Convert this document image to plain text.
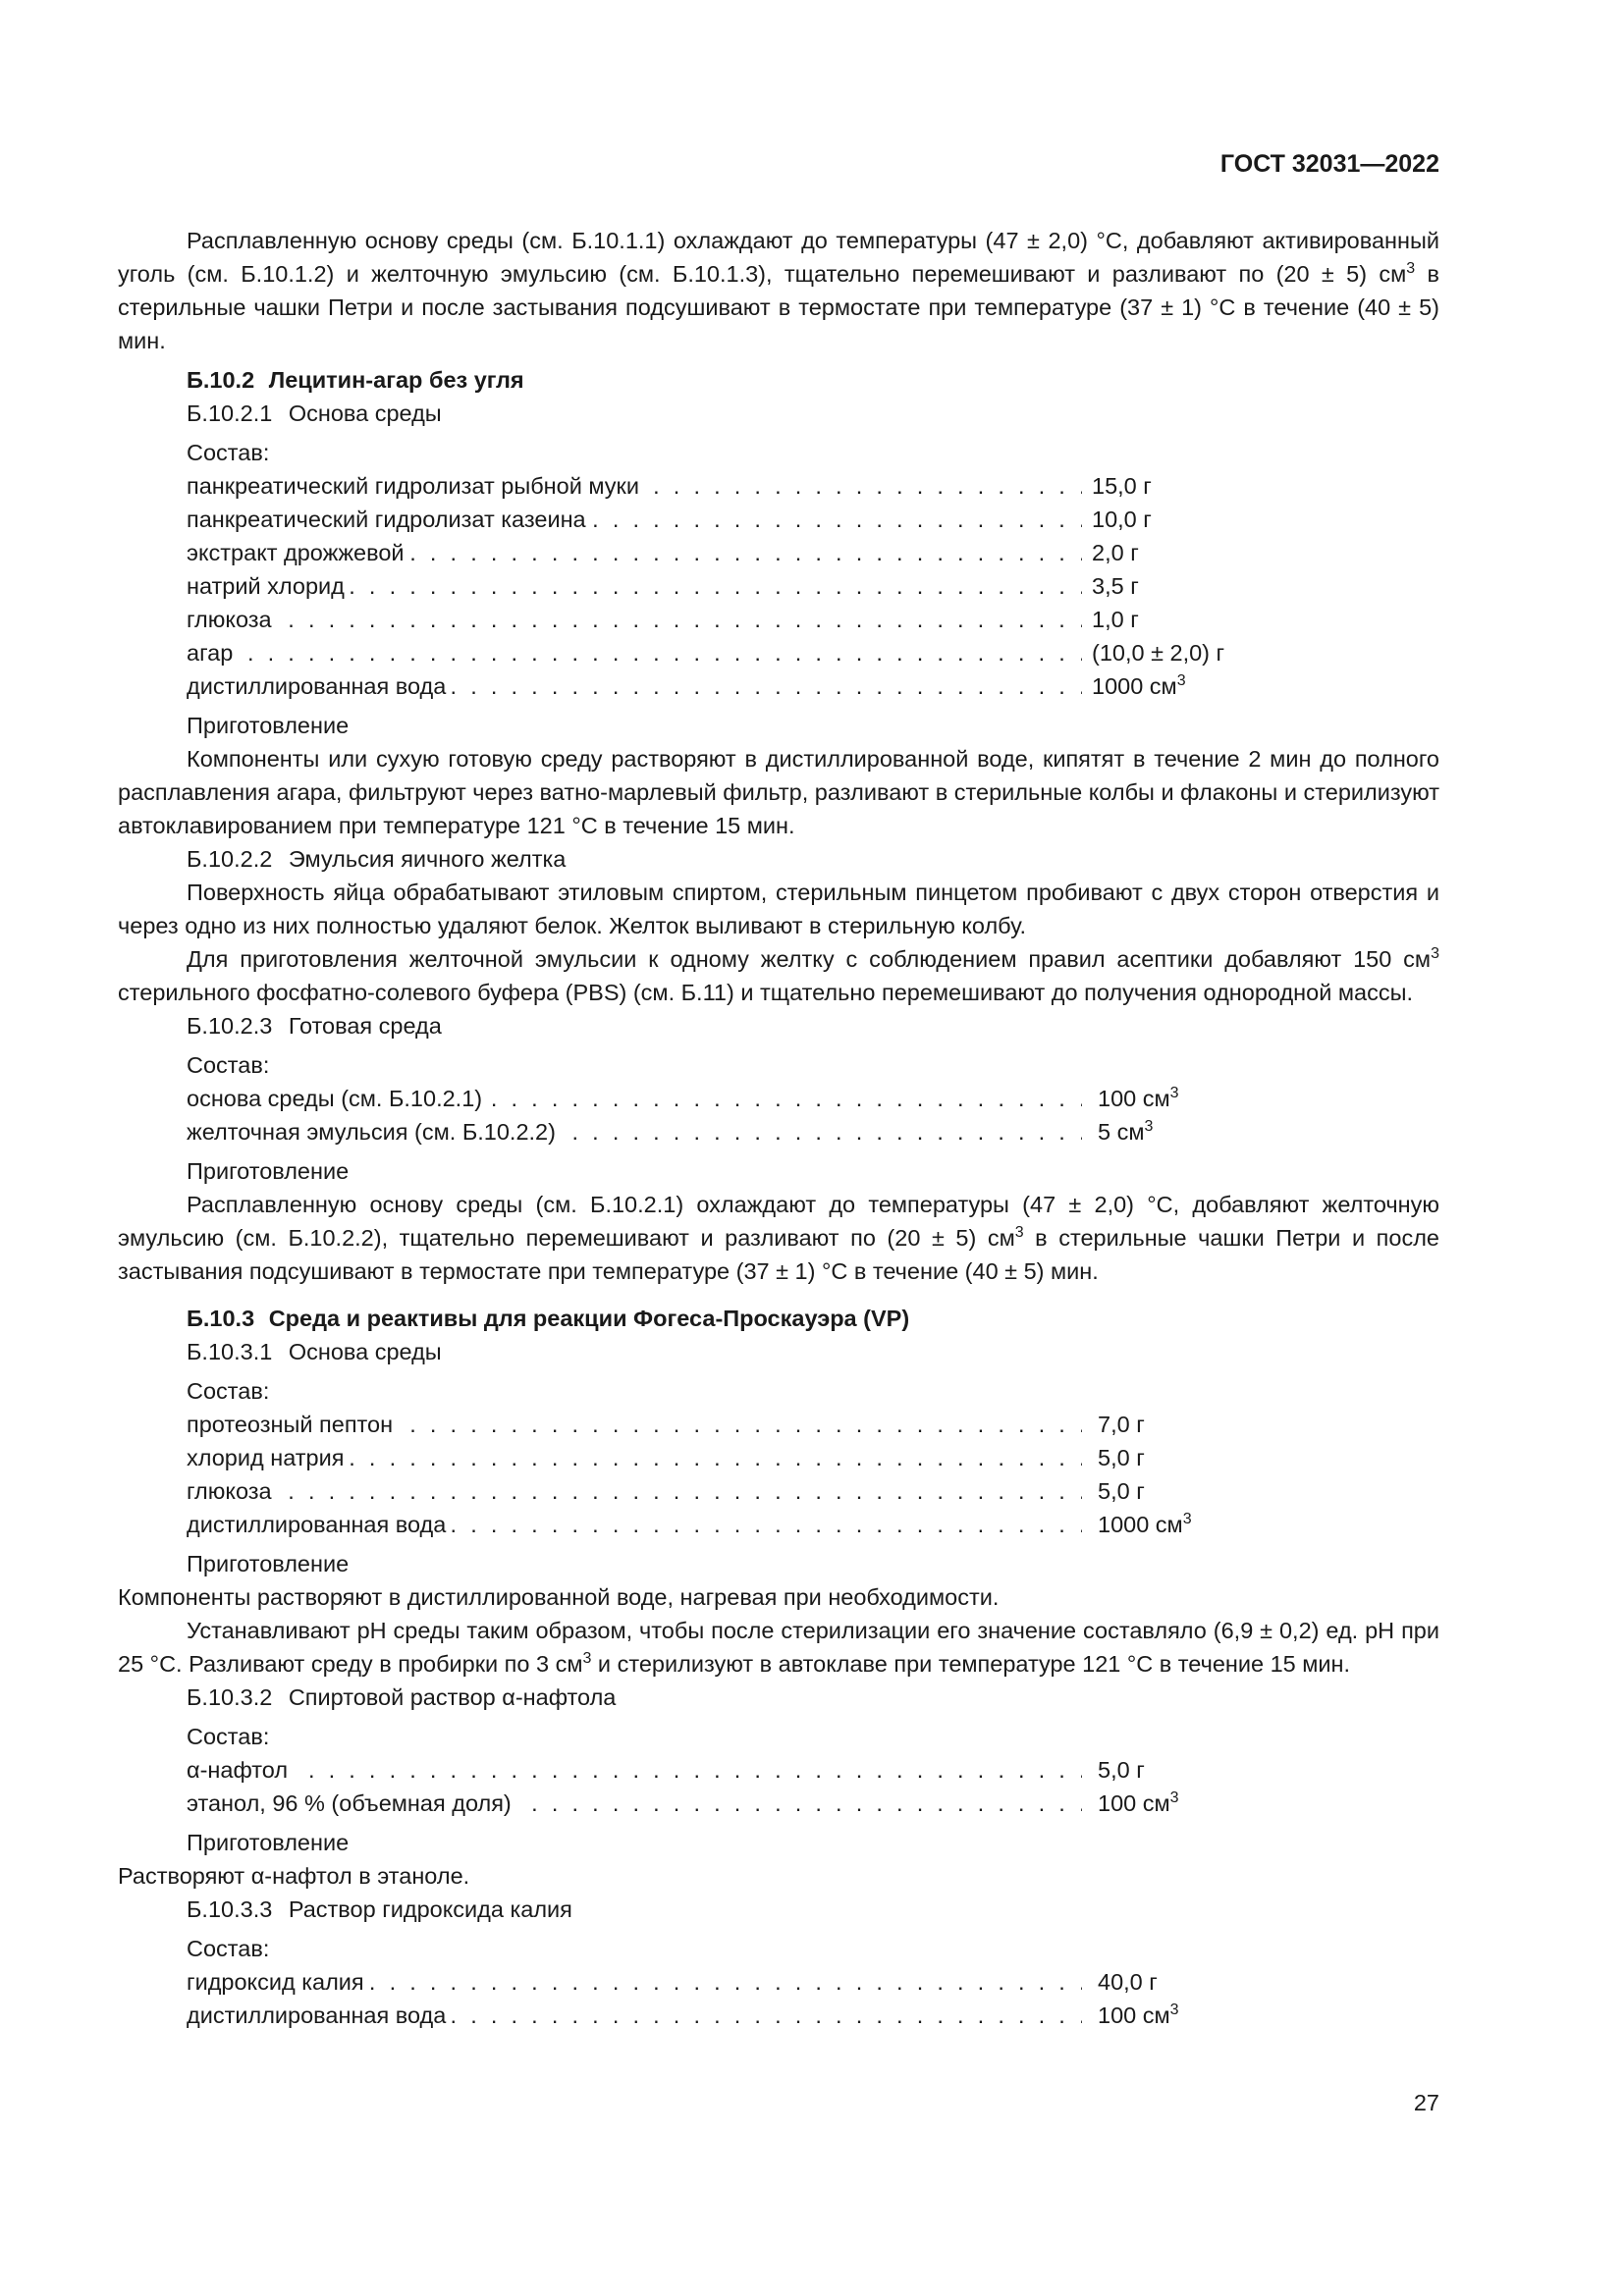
ГОСТ 32031—2022

Расплавленную основу среды (см. Б.10.1.1) охлаждают до температуры (47 ± 2,0) °С, добавляют активированный уголь (см. Б.10.1.2) и желточную эмульсию (см. Б.10.1.3), тщательно перемешивают и разливают по (20 ± 5) $см^3$ в стерильные чашки Петри и после застывания подсушивают в термостате при температуре (37 ± 1) °С в течение (40 ± 5) мин.

Б.10.2 Лецитин-агар без угля

Б.10.2.1 Основа среды

Состав:

. . .
панкреатический гидролизат рыбной муки	15,0 г
. . .
панкреатический гидролизат казеина	10,0 г
. . .
экстракт дрожжевой	2,0 г
. . .
натрий хлорид	3,5 г
. . .
глюкоза	1,0 г
. . .
агар	(10,0 ± 2,0) г
. . .
дистиллированная вода	1000 $см^3$

Приготовление

Компоненты или сухую готовую среду растворяют в дистиллированной воде, кипятят в течение 2 мин до полного расплавления агара, фильтруют через ватно-марлевый фильтр, разливают в стерильные колбы и флаконы и стерилизуют автоклавированием при температуре 121 °С в течение 15 мин.

Б.10.2.2 Эмульсия яичного желтка

Поверхность яйца обрабатывают этиловым спиртом, стерильным пинцетом пробивают с двух сторон отверстия и через одно из них полностью удаляют белок. Желток выливают в стерильную колбу.

Для приготовления желточной эмульсии к одному желтку с соблюдением правил асептики добавляют 150 $см^3$ стерильного фосфатно-солевого буфера (PBS) (см. Б.11) и тщательно перемешивают до получения однородной массы.

Б.10.2.3 Готовая среда

Состав:

. . .
основа среды (см. Б.10.2.1)	100 $см^3$
. . .
желточная эмульсия (см. Б.10.2.2)	5 $см^3$

Приготовление

Расплавленную основу среды (см. Б.10.2.1) охлаждают до температуры (47 ± 2,0) °С, добавляют желточную эмульсию (см. Б.10.2.2), тщательно перемешивают и разливают по (20 ± 5) $см^3$ в стерильные чашки Петри и после застывания подсушивают в термостате при температуре (37 ± 1) °С в течение (40 ± 5) мин.

Б.10.3 Среда и реактивы для реакции Фогеса-Проскауэра (VP)

Б.10.3.1 Основа среды

Состав:

. . .
протеозный пептон	7,0 г
. . .
хлорид натрия	5,0 г
. . .
глюкоза	5,0 г
. . .
дистиллированная вода	1000 $см^3$

Приготовление

Компоненты растворяют в дистиллированной воде, нагревая при необходимости.

Устанавливают pH среды таким образом, чтобы после стерилизации его значение составляло (6,9 ± 0,2) ед. pH при 25 °С. Разливают среду в пробирки по 3 $см^3$ и стерилизуют в автоклаве при температуре 121 °С в течение 15 мин.

Б.10.3.2 Спиртовой раствор α-нафтола

Состав:

. . .
α-нафтол	5,0 г
. . .
этанол, 96 % (объемная доля)	100 $см^3$

Приготовление

Растворяют α-нафтол в этаноле.

Б.10.3.3 Раствор гидроксида калия

Состав:

. . .
гидроксид калия	40,0 г
. . .
дистиллированная вода	100 $см^3$
27
